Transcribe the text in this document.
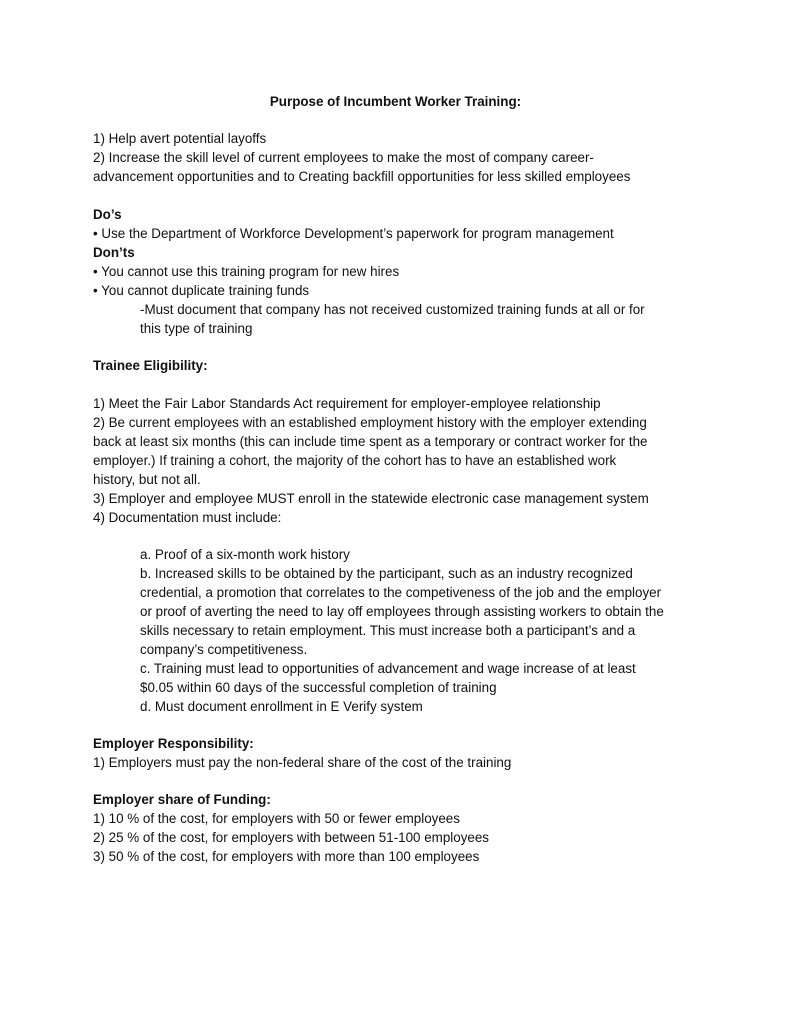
Purpose of Incumbent Worker Training:
1) Help avert potential layoffs
2) Increase the skill level of current employees to make the most of company career-
advancement opportunities and to Creating backfill opportunities for less skilled employees
Do’s
• Use the Department of Workforce Development’s paperwork for program management
Don’ts
• You cannot use this training program for new hires
• You cannot duplicate training funds
-Must document that company has not received customized training funds at all or for
this type of training
Trainee Eligibility:
1) Meet the Fair Labor Standards Act requirement for employer-employee relationship
2) Be current employees with an established employment history with the employer extending
back at least six months (this can include time spent as a temporary or contract worker for the
employer.) If training a cohort, the majority of the cohort has to have an established work
history, but not all.
3) Employer and employee MUST enroll in the statewide electronic case management system
4) Documentation must include:
a. Proof of a six-month work history
b. Increased skills to be obtained by the participant, such as an industry recognized
credential, a promotion that correlates to the competiveness of the job and the employer
or proof of averting the need to lay off employees through assisting workers to obtain the
skills necessary to retain employment. This must increase both a participant’s and a
company’s competitiveness.
c. Training must lead to opportunities of advancement and wage increase of at least
$0.05 within 60 days of the successful completion of training
d. Must document enrollment in E Verify system
Employer Responsibility:
1) Employers must pay the non-federal share of the cost of the training
Employer share of Funding:
1) 10 % of the cost, for employers with 50 or fewer employees
2) 25 % of the cost, for employers with between 51-100 employees
3) 50 % of the cost, for employers with more than 100 employees
